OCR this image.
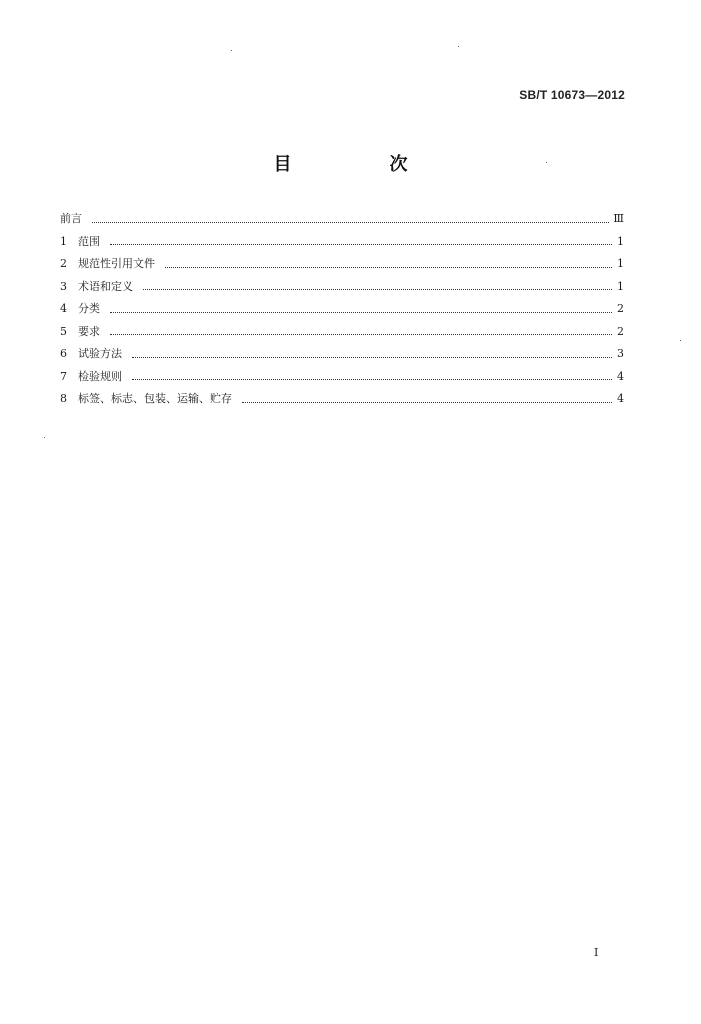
SB/T 10673—2012
目　次
前言	Ⅲ
1	范围	1
2	规范性引用文件	1
3	术语和定义	1
4	分类	2
5	要求	2
6	试验方法	3
7	检验规则	4
8	标签、标志、包装、运输、贮存	4
Ⅰ
